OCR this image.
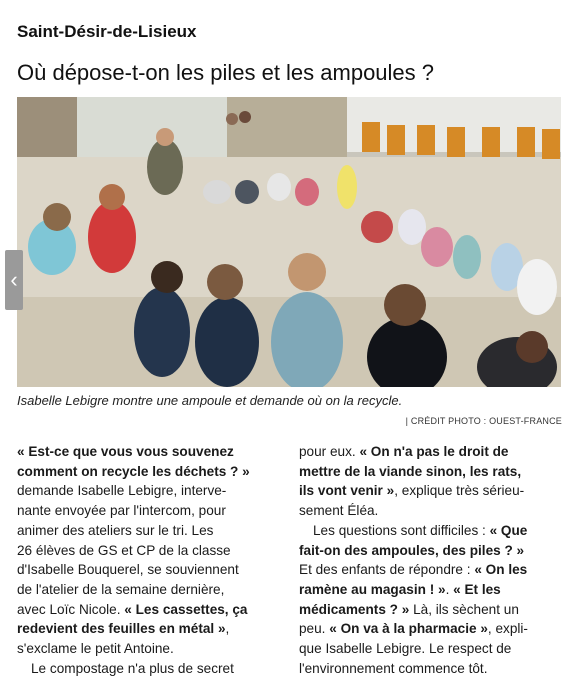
Saint-Désir-de-Lisieux
Où dépose-t-on les piles et les ampoules ?
‹
Isabelle Lebigre montre une ampoule et demande où on la recycle.
| CRÉDIT PHOTO : OUEST-FRANCE
« Est-ce que vous vous souvenez
comment on recycle les déchets ? »
demande Isabelle Lebigre, interve-
nante envoyée par l'intercom, pour
animer des ateliers sur le tri. Les
26 élèves de GS et CP de la classe
d'Isabelle Bouquerel, se souviennent
de l'atelier de la semaine dernière,
avec Loïc Nicole. « Les cassettes, ça
redevient des feuilles en métal »,
s'exclame le petit Antoine.
Le compostage n'a plus de secret
pour eux. « On n'a pas le droit de
mettre de la viande sinon, les rats,
ils vont venir », explique très sérieu-
sement Éléa.
Les questions sont difficiles : « Que
fait-on des ampoules, des piles ? »
Et des enfants de répondre : « On les
ramène au magasin ! ». « Et les
médicaments ? » Là, ils sèchent un
peu. « On va à la pharmacie », expli-
que Isabelle Lebigre. Le respect de
l'environnement commence tôt.
